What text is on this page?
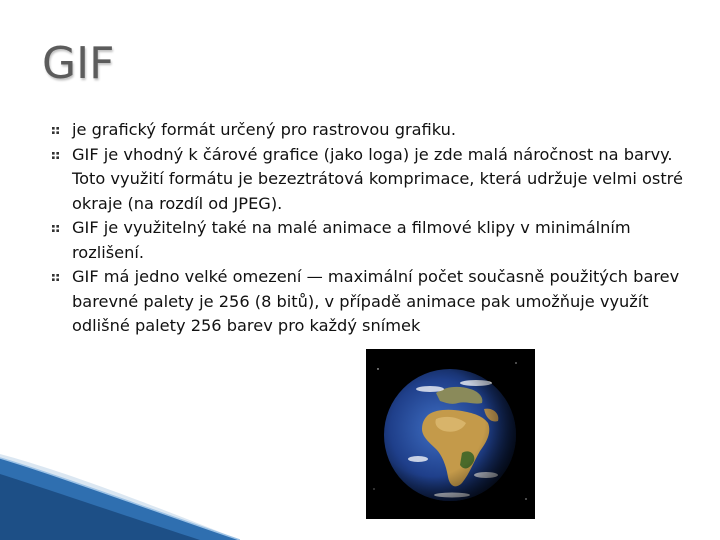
GIF
je grafický formát určený pro rastrovou grafiku.
GIF je vhodný k čárové grafice (jako loga) je zde malá náročnost na barvy. Toto využití formátu je bezeztrátová komprimace, která udržuje velmi ostré okraje (na rozdíl od JPEG).
GIF je využitelný také na malé animace a filmové klipy v minimálním rozlišení.
GIF má jedno velké omezení — maximální počet současně použitých barev barevné palety je 256 (8 bitů), v případě animace pak umožňuje využít odlišné palety 256 barev pro každý snímek
